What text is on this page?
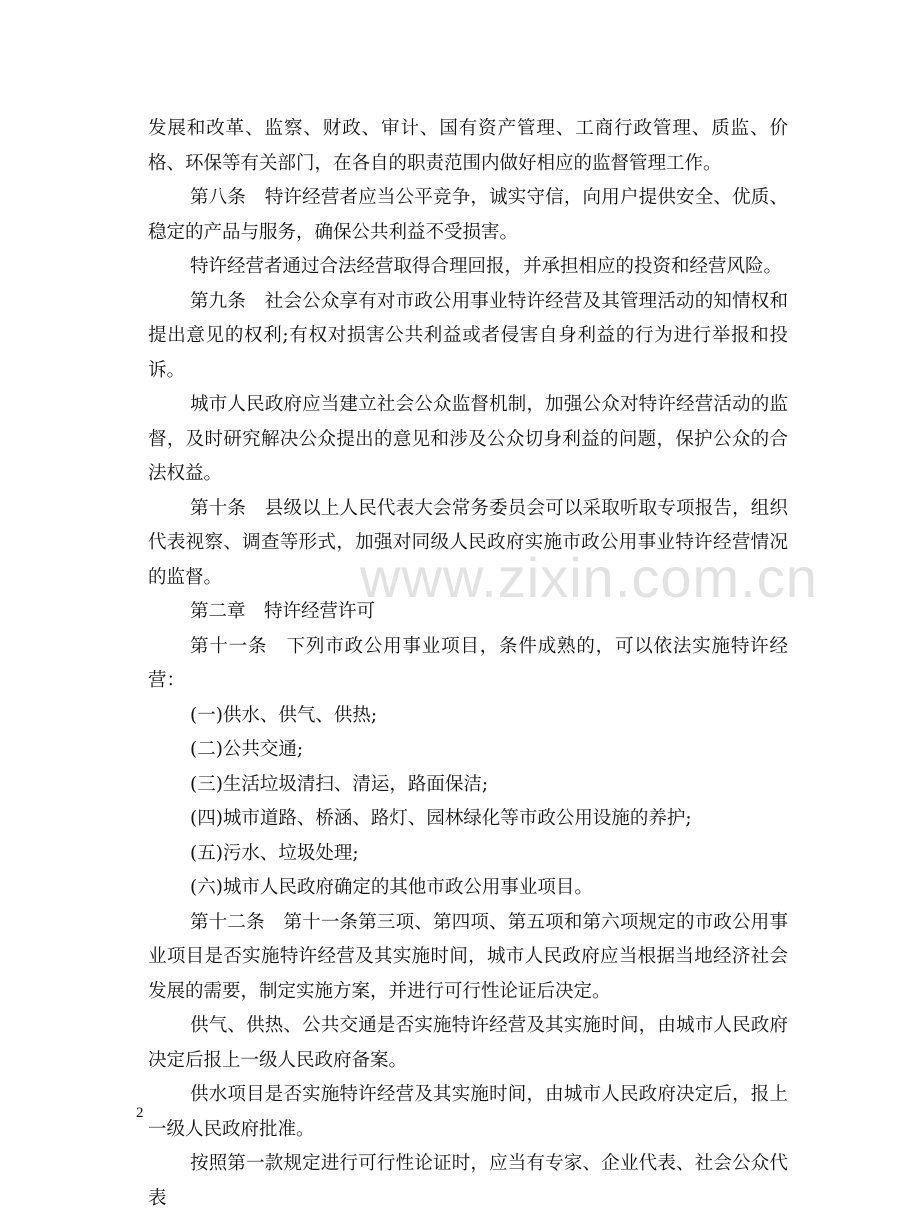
发展和改革、监察、财政、审计、国有资产管理、工商行政管理、质监、价格、环保等有关部门，在各自的职责范围内做好相应的监督管理工作。

第八条　特许经营者应当公平竞争，诚实守信，向用户提供安全、优质、稳定的产品与服务，确保公共利益不受损害。

特许经营者通过合法经营取得合理回报，并承担相应的投资和经营风险。

第九条　社会公众享有对市政公用事业特许经营及其管理活动的知情权和提出意见的权利;有权对损害公共利益或者侵害自身利益的行为进行举报和投诉。

城市人民政府应当建立社会公众监督机制，加强公众对特许经营活动的监督，及时研究解决公众提出的意见和涉及公众切身利益的问题，保护公众的合法权益。

第十条　县级以上人民代表大会常务委员会可以采取听取专项报告，组织代表视察、调查等形式，加强对同级人民政府实施市政公用事业特许经营情况的监督。

第二章　特许经营许可

第十一条　下列市政公用事业项目，条件成熟的，可以依法实施特许经营：

(一)供水、供气、供热;

(二)公共交通;

(三)生活垃圾清扫、清运，路面保洁;

(四)城市道路、桥涵、路灯、园林绿化等市政公用设施的养护;

(五)污水、垃圾处理;

(六)城市人民政府确定的其他市政公用事业项目。

第十二条　第十一条第三项、第四项、第五项和第六项规定的市政公用事业项目是否实施特许经营及其实施时间，城市人民政府应当根据当地经济社会发展的需要，制定实施方案，并进行可行性论证后决定。

供气、供热、公共交通是否实施特许经营及其实施时间，由城市人民政府决定后报上一级人民政府备案。

供水项目是否实施特许经营及其实施时间，由城市人民政府决定后，报上一级人民政府批准。

按照第一款规定进行可行性论证时，应当有专家、企业代表、社会公众代表

www.zixin.com.cn
2
